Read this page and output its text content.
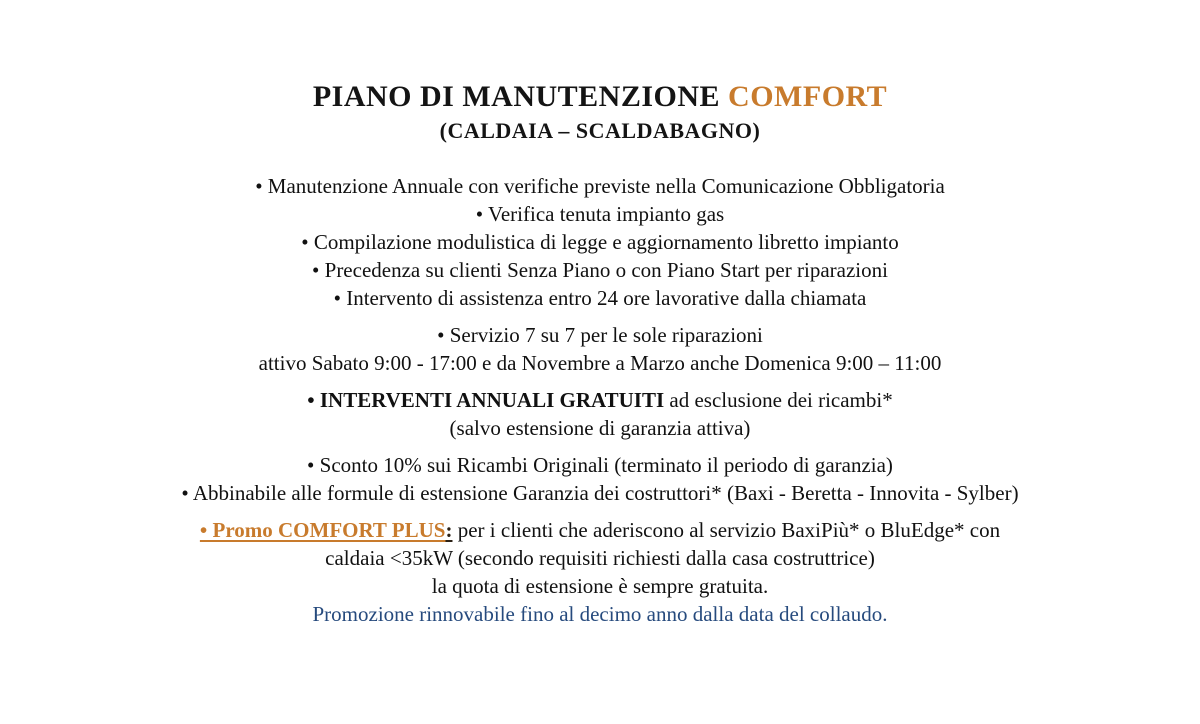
PIANO DI MANUTENZIONE COMFORT
(CALDAIA – SCALDABAGNO)
• Manutenzione Annuale con verifiche previste nella Comunicazione Obbligatoria
• Verifica tenuta impianto gas
• Compilazione modulistica di legge e aggiornamento libretto impianto
• Precedenza su clienti Senza Piano o con Piano Start per riparazioni
• Intervento di assistenza entro 24 ore lavorative dalla chiamata
• Servizio 7 su 7 per le sole riparazioni
attivo Sabato 9:00 - 17:00 e da Novembre a Marzo anche Domenica 9:00 – 11:00
• INTERVENTI ANNUALI GRATUITI ad esclusione dei ricambi*
(salvo estensione di garanzia attiva)
• Sconto 10% sui Ricambi Originali (terminato il periodo di garanzia)
• Abbinabile alle formule di estensione Garanzia dei costruttori* (Baxi - Beretta - Innovita - Sylber)
• Promo COMFORT PLUS: per i clienti che aderiscono al servizio BaxiPiù* o BluEdge* con
caldaia <35kW (secondo requisiti richiesti dalla casa costruttrice)
la quota di estensione è sempre gratuita.
Promozione rinnovabile fino al decimo anno dalla data del collaudo.
